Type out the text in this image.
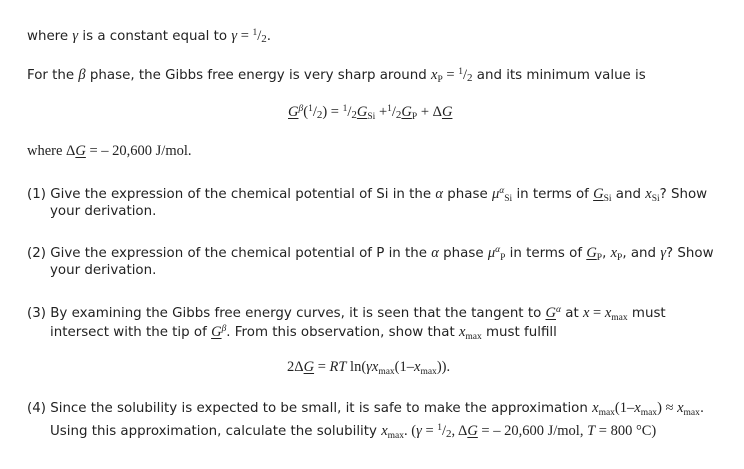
where γ is a constant equal to γ = $^1$/2.
For the β phase, the Gibbs free energy is very sharp around $x_P = ^1/2$ and its minimum value is
$G^\beta(^1/2) = ^1/2G_{Si} +^1/2G_P + \Delta G$
where ΔG = – 20,600 J/mol.
(1) Give the expression of the chemical potential of Si in the α phase $\mu^\alpha_{Si}$ in terms of $G_{Si}$ and $x_{Si}$? Show
your derivation.
(2) Give the expression of the chemical potential of P in the α phase $\mu^\alpha_P$ in terms of $G_P$, $x_P$, and γ? Show
your derivation.
(3) By examining the Gibbs free energy curves, it is seen that the tangent to $G^\alpha$ at $x = x_{max}$ must
intersect with the tip of $G^\beta$. From this observation, show that $x_{max}$ must fulfill
2ΔG = RT $\ln(\gamma x_{max}(1-x_{max}))$.
(4) Since the solubility is expected to be small, it is safe to make the approximation $x_{max}(1-x_{max}) \approx x_{max}$.
Using this approximation, calculate the solubility $x_{max}$. (γ = $^1$/2, ΔG = – 20,600 J/mol, T = 800 °C)
